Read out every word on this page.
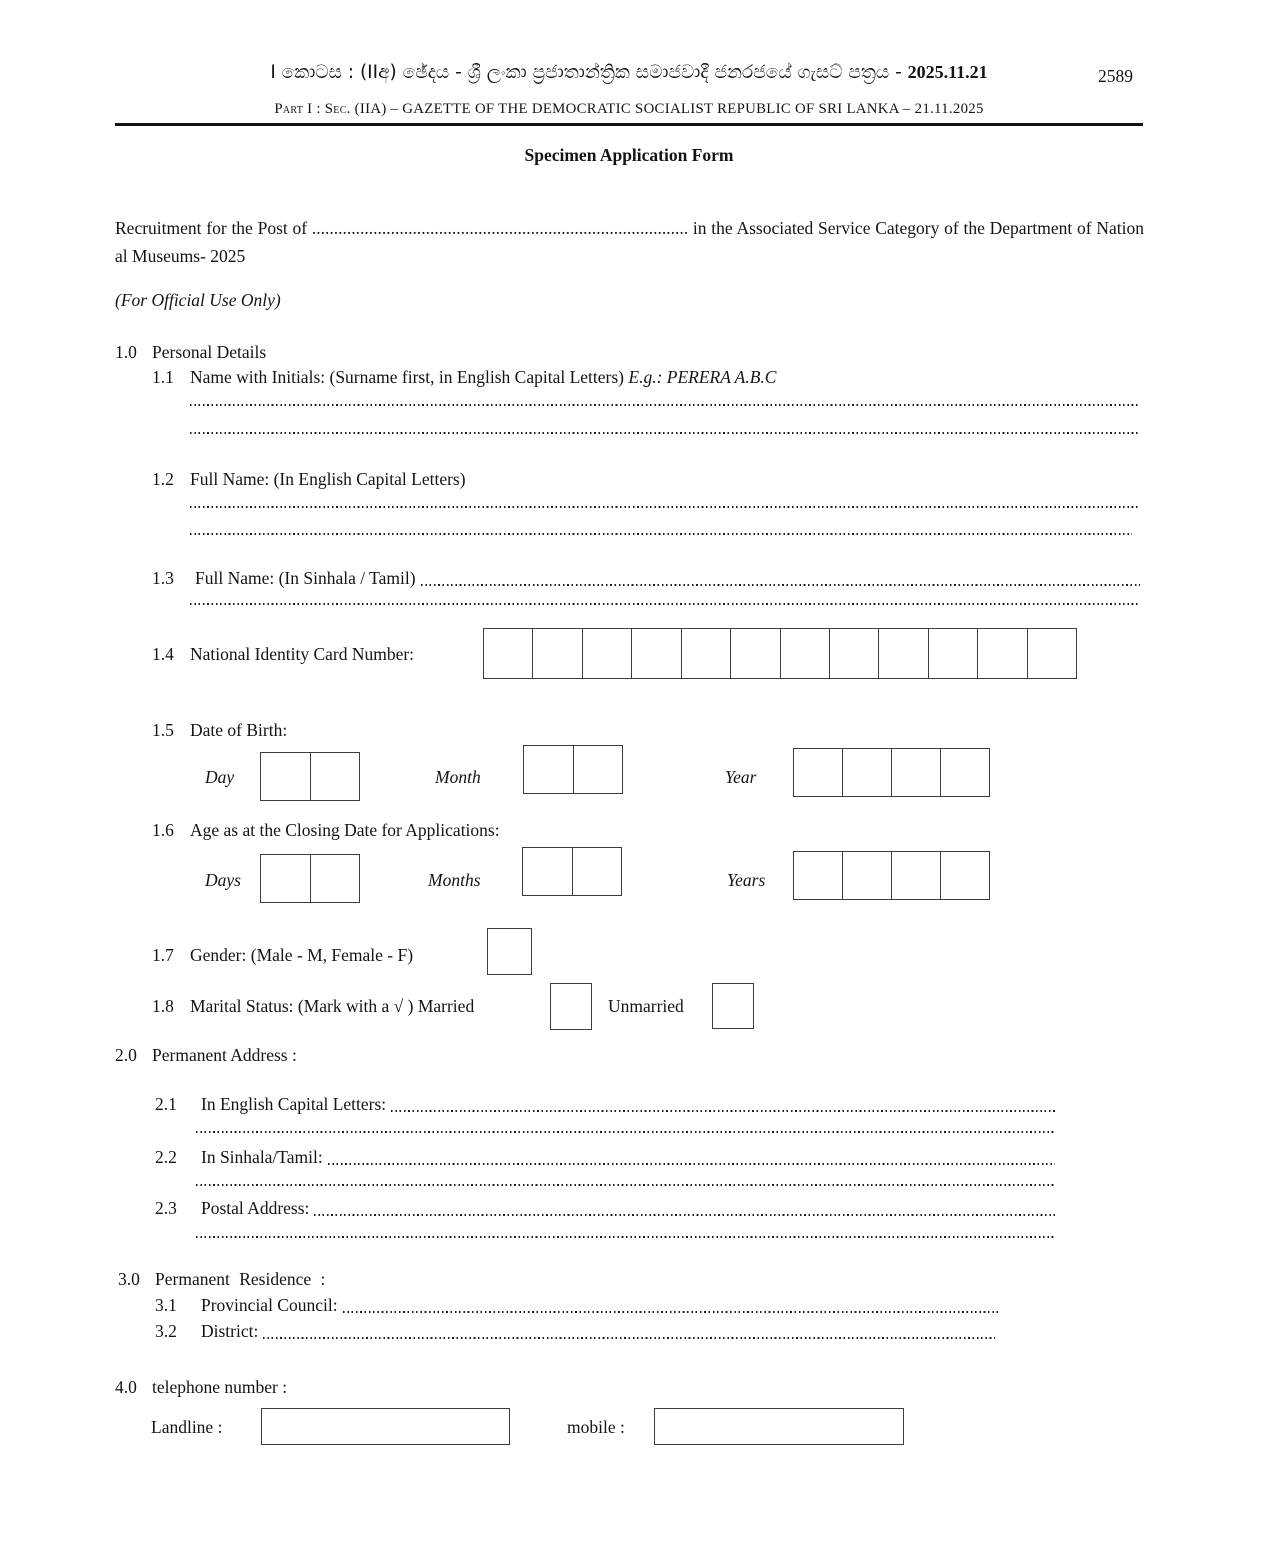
2589
I කොටස : (IIඅ) ඡේදය - ශ්‍රී ලංකා ප්‍රජාතාන්ත්‍රික සමාජවාදී ජනරජයේ ගැසට් පත්‍රය - 2025.11.21
Part I : Sec. (IIA) – GAZETTE OF THE DEMOCRATIC SOCIALIST REPUBLIC OF SRI LANKA – 21.11.2025
Specimen Application Form
Recruitment for the Post of ...................................................................................... in the Associated Service Category of the Department of National Museums- 2025
(For Official Use Only)
1.0 Personal Details
1.1 Name with Initials: (Surname first, in English Capital Letters) E.g.: PERERA A.B.C
1.2 Full Name: (In English Capital Letters)
1.3	Full Name: (In Sinhala / Tamil)
1.4 National Identity Card Number:
1.5 Date of Birth:
Day	Month	Year
1.6 Age as at the Closing Date for Applications:
Days	Months	Years
1.7 Gender: (Male - M, Female - F)
1.8 Marital Status: (Mark with a √ ) Married	Unmarried
2.0 Permanent Address :
2.1	In English Capital Letters:
2.2	In Sinhala/Tamil:
2.3	Postal Address:
3.0 Permanent Residence :
3.1	Provincial Council:
3.2	District:
4.0 telephone number :
Landline :	mobile :
